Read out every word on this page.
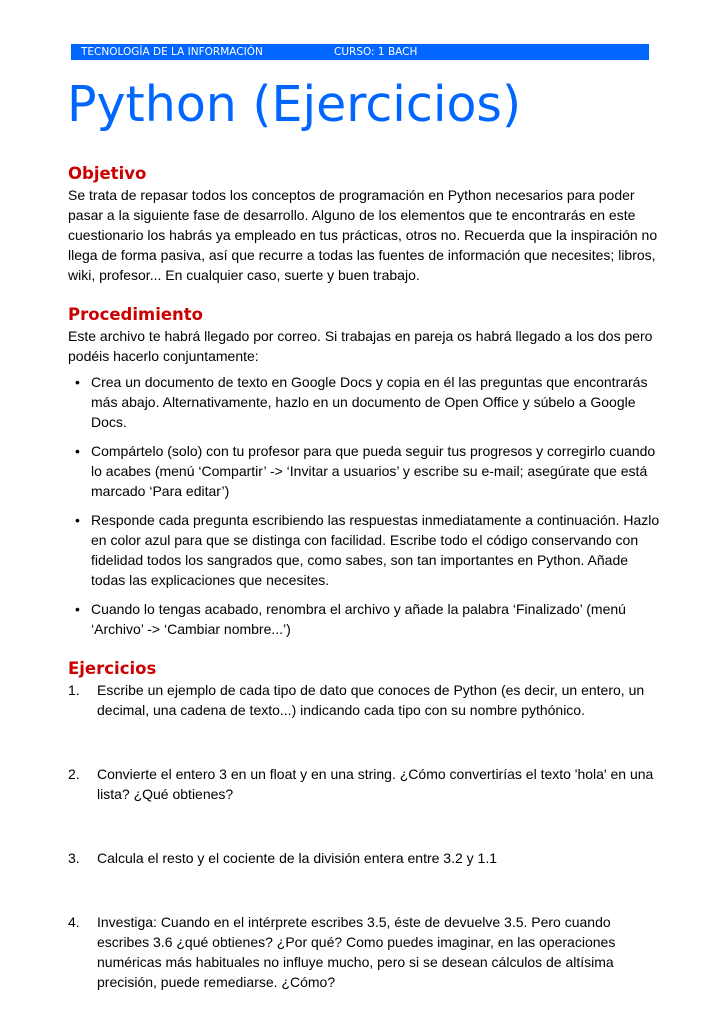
TECNOLOGÍA DE LA INFORMACIÓN	CURSO: 1 BACH
Python (Ejercicios)
Objetivo

Se trata de repasar todos los conceptos de programación en Python necesarios para poder pasar a la siguiente fase de desarrollo. Alguno de los elementos que te encontrarás en este cuestionario los habrás ya empleado en tus prácticas, otros no. Recuerda que la inspiración no llega de forma pasiva, así que recurre a todas las fuentes de información que necesites; libros, wiki, profesor... En cualquier caso, suerte y buen trabajo.

Procedimiento

Este archivo te habrá llegado por correo. Si trabajas en pareja os habrá llegado a los dos pero podéis hacerlo conjuntamente:

• Crea un documento de texto en Google Docs y copia en él las preguntas que encontrarás más abajo. Alternativamente, hazlo en un documento de Open Office y súbelo a Google Docs.
• Compártelo (solo) con tu profesor para que pueda seguir tus progresos y corregirlo cuando lo acabes (menú ‘Compartir’ -> ‘Invitar a usuarios’ y escribe su e-mail; asegúrate que está marcado ‘Para editar’)
• Responde cada pregunta escribiendo las respuestas inmediatamente a continuación. Hazlo en color azul para que se distinga con facilidad. Escribe todo el código conservando con fidelidad todos los sangrados que, como sabes, son tan importantes en Python. Añade todas las explicaciones que necesites.
• Cuando lo tengas acabado, renombra el archivo y añade la palabra ‘Finalizado’ (menú ‘Archivo’ -> ‘Cambiar nombre...’)
Ejercicios
1. Escribe un ejemplo de cada tipo de dato que conoces de Python (es decir, un entero, un decimal, una cadena de texto...) indicando cada tipo con su nombre pythónico.
2. Convierte el entero 3 en un float y en una string. ¿Cómo convertirías el texto 'hola' en una lista? ¿Qué obtienes?
3. Calcula el resto y el cociente de la división entera entre 3.2 y 1.1
4. Investiga: Cuando en el intérprete escribes 3.5, éste de devuelve 3.5. Pero cuando escribes 3.6 ¿qué obtienes? ¿Por qué? Como puedes imaginar, en las operaciones numéricas más habituales no influye mucho, pero si se desean cálculos de altísima precisión, puede remediarse. ¿Cómo?
